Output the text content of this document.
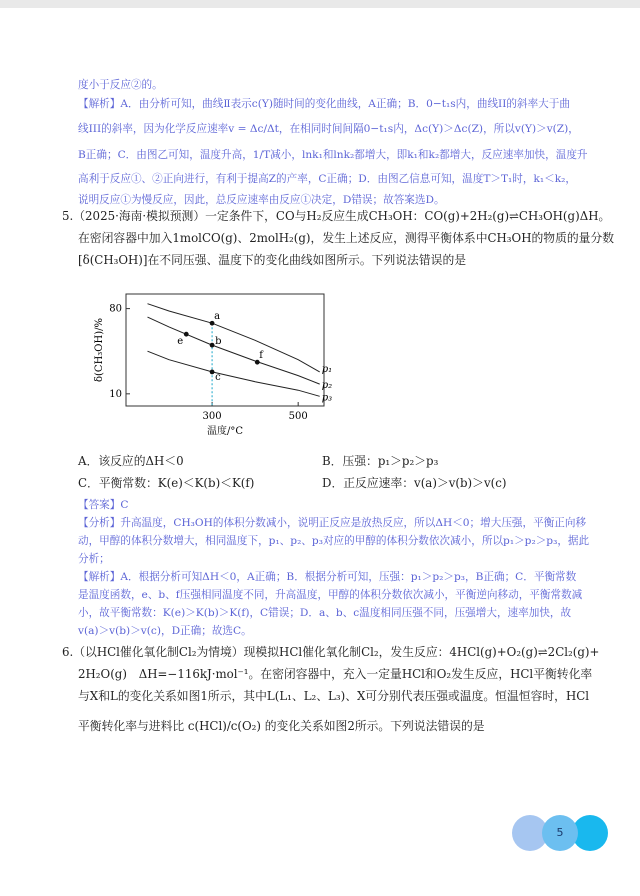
度小于反应②的。
【解析】A．由分析可知，曲线Ⅱ表示c(Y)随时间的变化曲线，A正确；B．0−t₁s内，曲线II的斜率大于曲
线III的斜率，因为化学反应速率v = Δc/Δt，在相同时间间隔0−t₁s内，Δc(Y)＞Δc(Z)，所以v(Y)＞v(Z)，
B正确；C．由图乙可知，温度升高，1/T减小，lnk₁和lnk₂都增大，即k₁和k₂都增大，反应速率加快，温度升
高利于反应①、②正向进行，有利于提高Z的产率，C正确；D．由图乙信息可知，温度T＞T₁时，k₁＜k₂，
说明反应①为慢反应，因此，总反应速率由反应①决定，D错误；故答案选D。
5.（2025·海南·模拟预测）一定条件下，CO与H₂反应生成CH₃OH：CO(g)+2H₂(g)⇌CH₃OH(g)ΔH。
在密闭容器中加入1molCO(g)、2molH₂(g)，发生上述反应，测得平衡体系中CH₃OH的物质的量分数
[δ(CH₃OH)]在不同压强、温度下的变化曲线如图所示。下列说法错误的是
300	500
10
80
温度/°C
δ(CH₃OH)/%	p₁
p₂
p₃
a
e	b
f
c
A．该反应的ΔH＜0	B．压强：p₁＞p₂＞p₃
C．平衡常数：K(e)＜K(b)＜K(f)	D．正反应速率：v(a)＞v(b)＞v(c)
【答案】C
【分析】升高温度，CH₃OH的体积分数减小，说明正反应是放热反应，所以ΔH＜0；增大压强，平衡正向移
动，甲醇的体积分数增大，相同温度下，p₁、p₂、p₃对应的甲醇的体积分数依次减小，所以p₁＞p₂＞p₃，据此
分析；
【解析】A．根据分析可知ΔH＜0，A正确；B．根据分析可知，压强：p₁＞p₂＞p₃，B正确；C．平衡常数
是温度函数，e、b、f压强相同温度不同，升高温度，甲醇的体积分数依次减小，平衡逆向移动，平衡常数减
小，故平衡常数：K(e)＞K(b)＞K(f)，C错误；D．a、b、c温度相同压强不同，压强增大，速率加快，故
v(a)＞v(b)＞v(c)，D正确；故选C。
6.（以HCl催化氧化制Cl₂为情境）现模拟HCl催化氧化制Cl₂，发生反应：4HCl(g)+O₂(g)⇌2Cl₂(g)+
2H₂O(g)　ΔH=−116kJ·mol⁻¹。在密闭容器中，充入一定量HCl和O₂发生反应，HCl平衡转化率
与X和L的变化关系如图1所示，其中L(L₁、L₂、L₃)、X可分别代表压强或温度。恒温恒容时，HCl
平衡转化率与进料比 c(HCl)/c(O₂) 的变化关系如图2所示。下列说法错误的是
5
